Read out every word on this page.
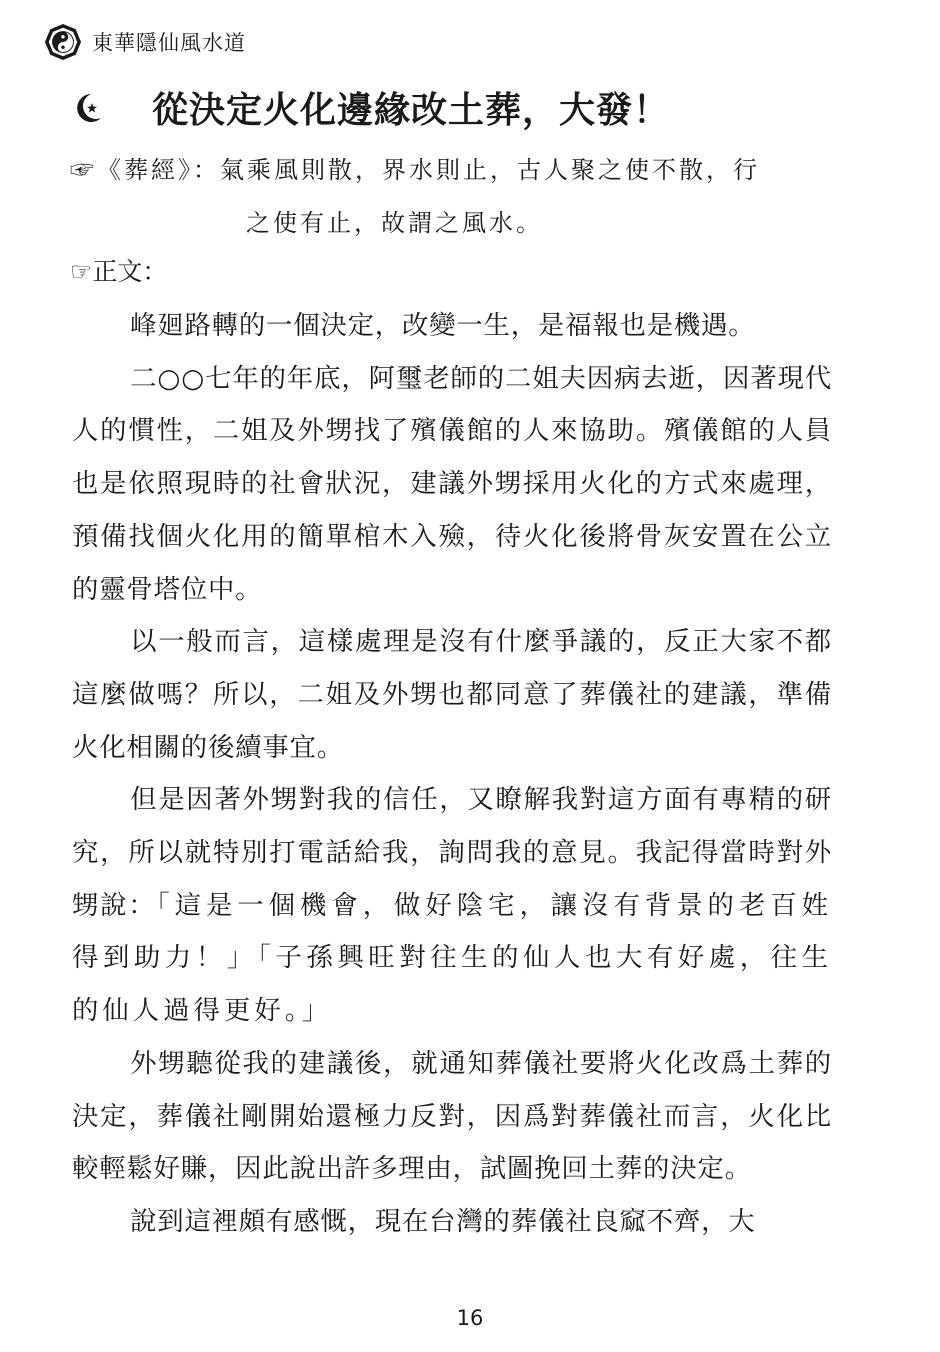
東華隱仙風水道
從決定火化邊緣改土葬，大發！
☞《葬經》：氣乘風則散，界水則止，古人聚之使不散，行
之使有止，故謂之風水。
☞正文：

峰廻路轉的一個決定，改變一生，是福報也是機遇。

二○○七年的年底，阿璽老師的二姐夫因病去逝，因著現代人的慣性，二姐及外甥找了殯儀館的人來協助。殯儀館的人員也是依照現時的社會狀況，建議外甥採用火化的方式來處理，預備找個火化用的簡單棺木入殮，待火化後將骨灰安置在公立的靈骨塔位中。

以一般而言，這樣處理是沒有什麼爭議的，反正大家不都這麼做嗎？所以，二姐及外甥也都同意了葬儀社的建議，準備火化相關的後續事宜。

但是因著外甥對我的信任，又瞭解我對這方面有專精的研究，所以就特別打電話給我，詢問我的意見。我記得當時對外甥說：「這是一個機會，做好陰宅，讓沒有背景的老百姓得到助力！」「子孫興旺對往生的仙人也大有好處，往生的仙人過得更好。」

外甥聽從我的建議後，就通知葬儀社要將火化改爲土葬的決定，葬儀社剛開始還極力反對，因爲對葬儀社而言，火化比較輕鬆好賺，因此說出許多理由，試圖挽回土葬的決定。

說到這裡頗有感慨，現在台灣的葬儀社良窳不齊，大

16
